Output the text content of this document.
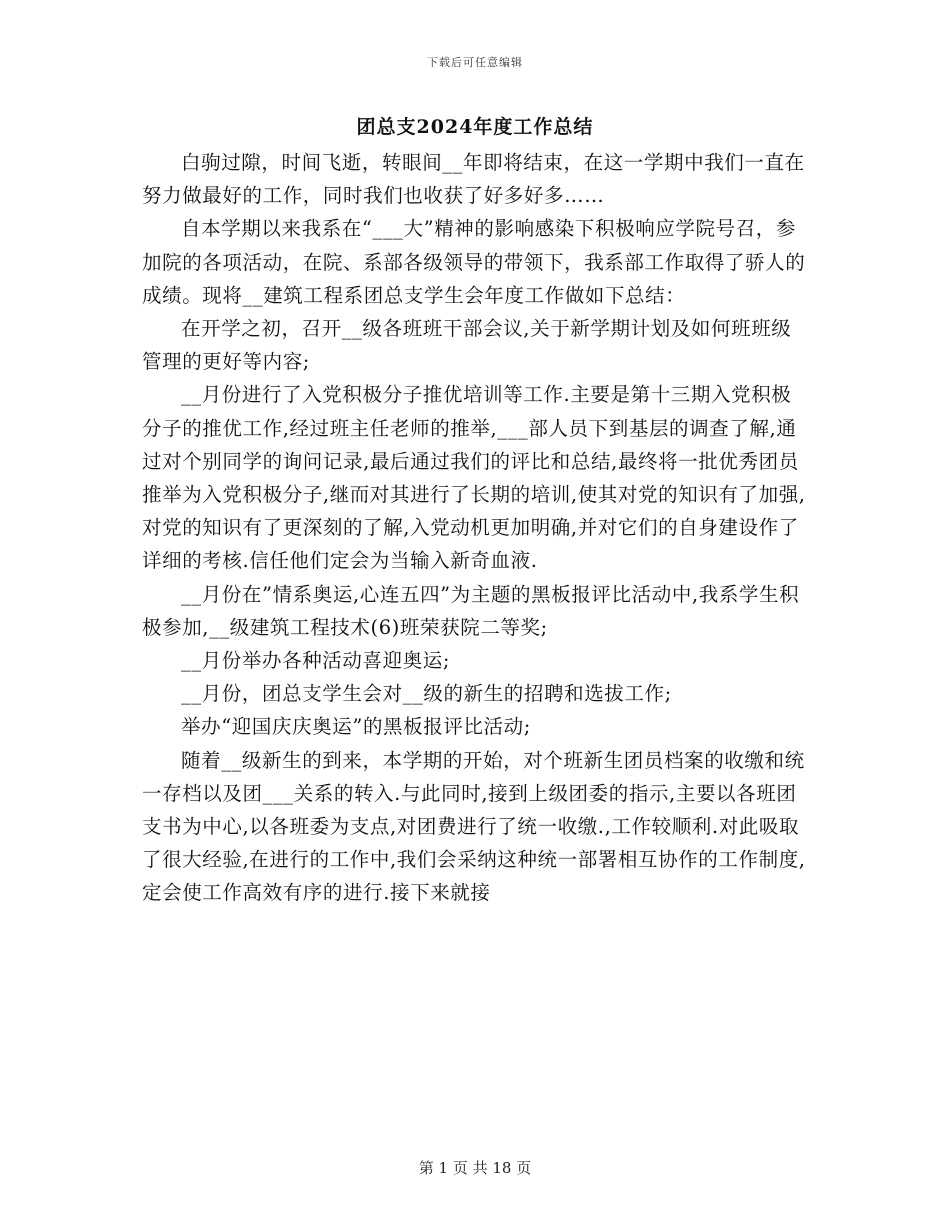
下载后可任意编辑
团总支2024年度工作总结

白驹过隙，时间飞逝，转眼间__年即将结束，在这一学期中我们一直在努力做最好的工作，同时我们也收获了好多好多……

自本学期以来我系在“___大”精神的影响感染下积极响应学院号召，参加院的各项活动，在院、系部各级领导的带领下，我系部工作取得了骄人的成绩。现将__建筑工程系团总支学生会年度工作做如下总结：

在开学之初，召开__级各班班干部会议,关于新学期计划及如何班班级管理的更好等内容;

__月份进行了入党积极分子推优培训等工作.主要是第十三期入党积极分子的推优工作,经过班主任老师的推举,___部人员下到基层的调查了解,通过对个别同学的询问记录,最后通过我们的评比和总结,最终将一批优秀团员推举为入党积极分子,继而对其进行了长期的培训,使其对党的知识有了加强,对党的知识有了更深刻的了解,入党动机更加明确,并对它们的自身建设作了详细的考核.信任他们定会为当输入新奇血液.

__月份在”情系奥运,心连五四”为主题的黑板报评比活动中,我系学生积极参加,__级建筑工程技术(6)班荣获院二等奖;

__月份举办各种活动喜迎奥运;

__月份，团总支学生会对__级的新生的招聘和选拔工作;

举办“迎国庆庆奥运”的黑板报评比活动;

随着__级新生的到来，本学期的开始，对个班新生团员档案的收缴和统一存档以及团___关系的转入.与此同时,接到上级团委的指示,主要以各班团支书为中心,以各班委为支点,对团费进行了统一收缴.,工作较顺利.对此吸取了很大经验,在进行的工作中,我们会采纳这种统一部署相互协作的工作制度,定会使工作高效有序的进行.接下来就接

第 1 页 共 18 页
